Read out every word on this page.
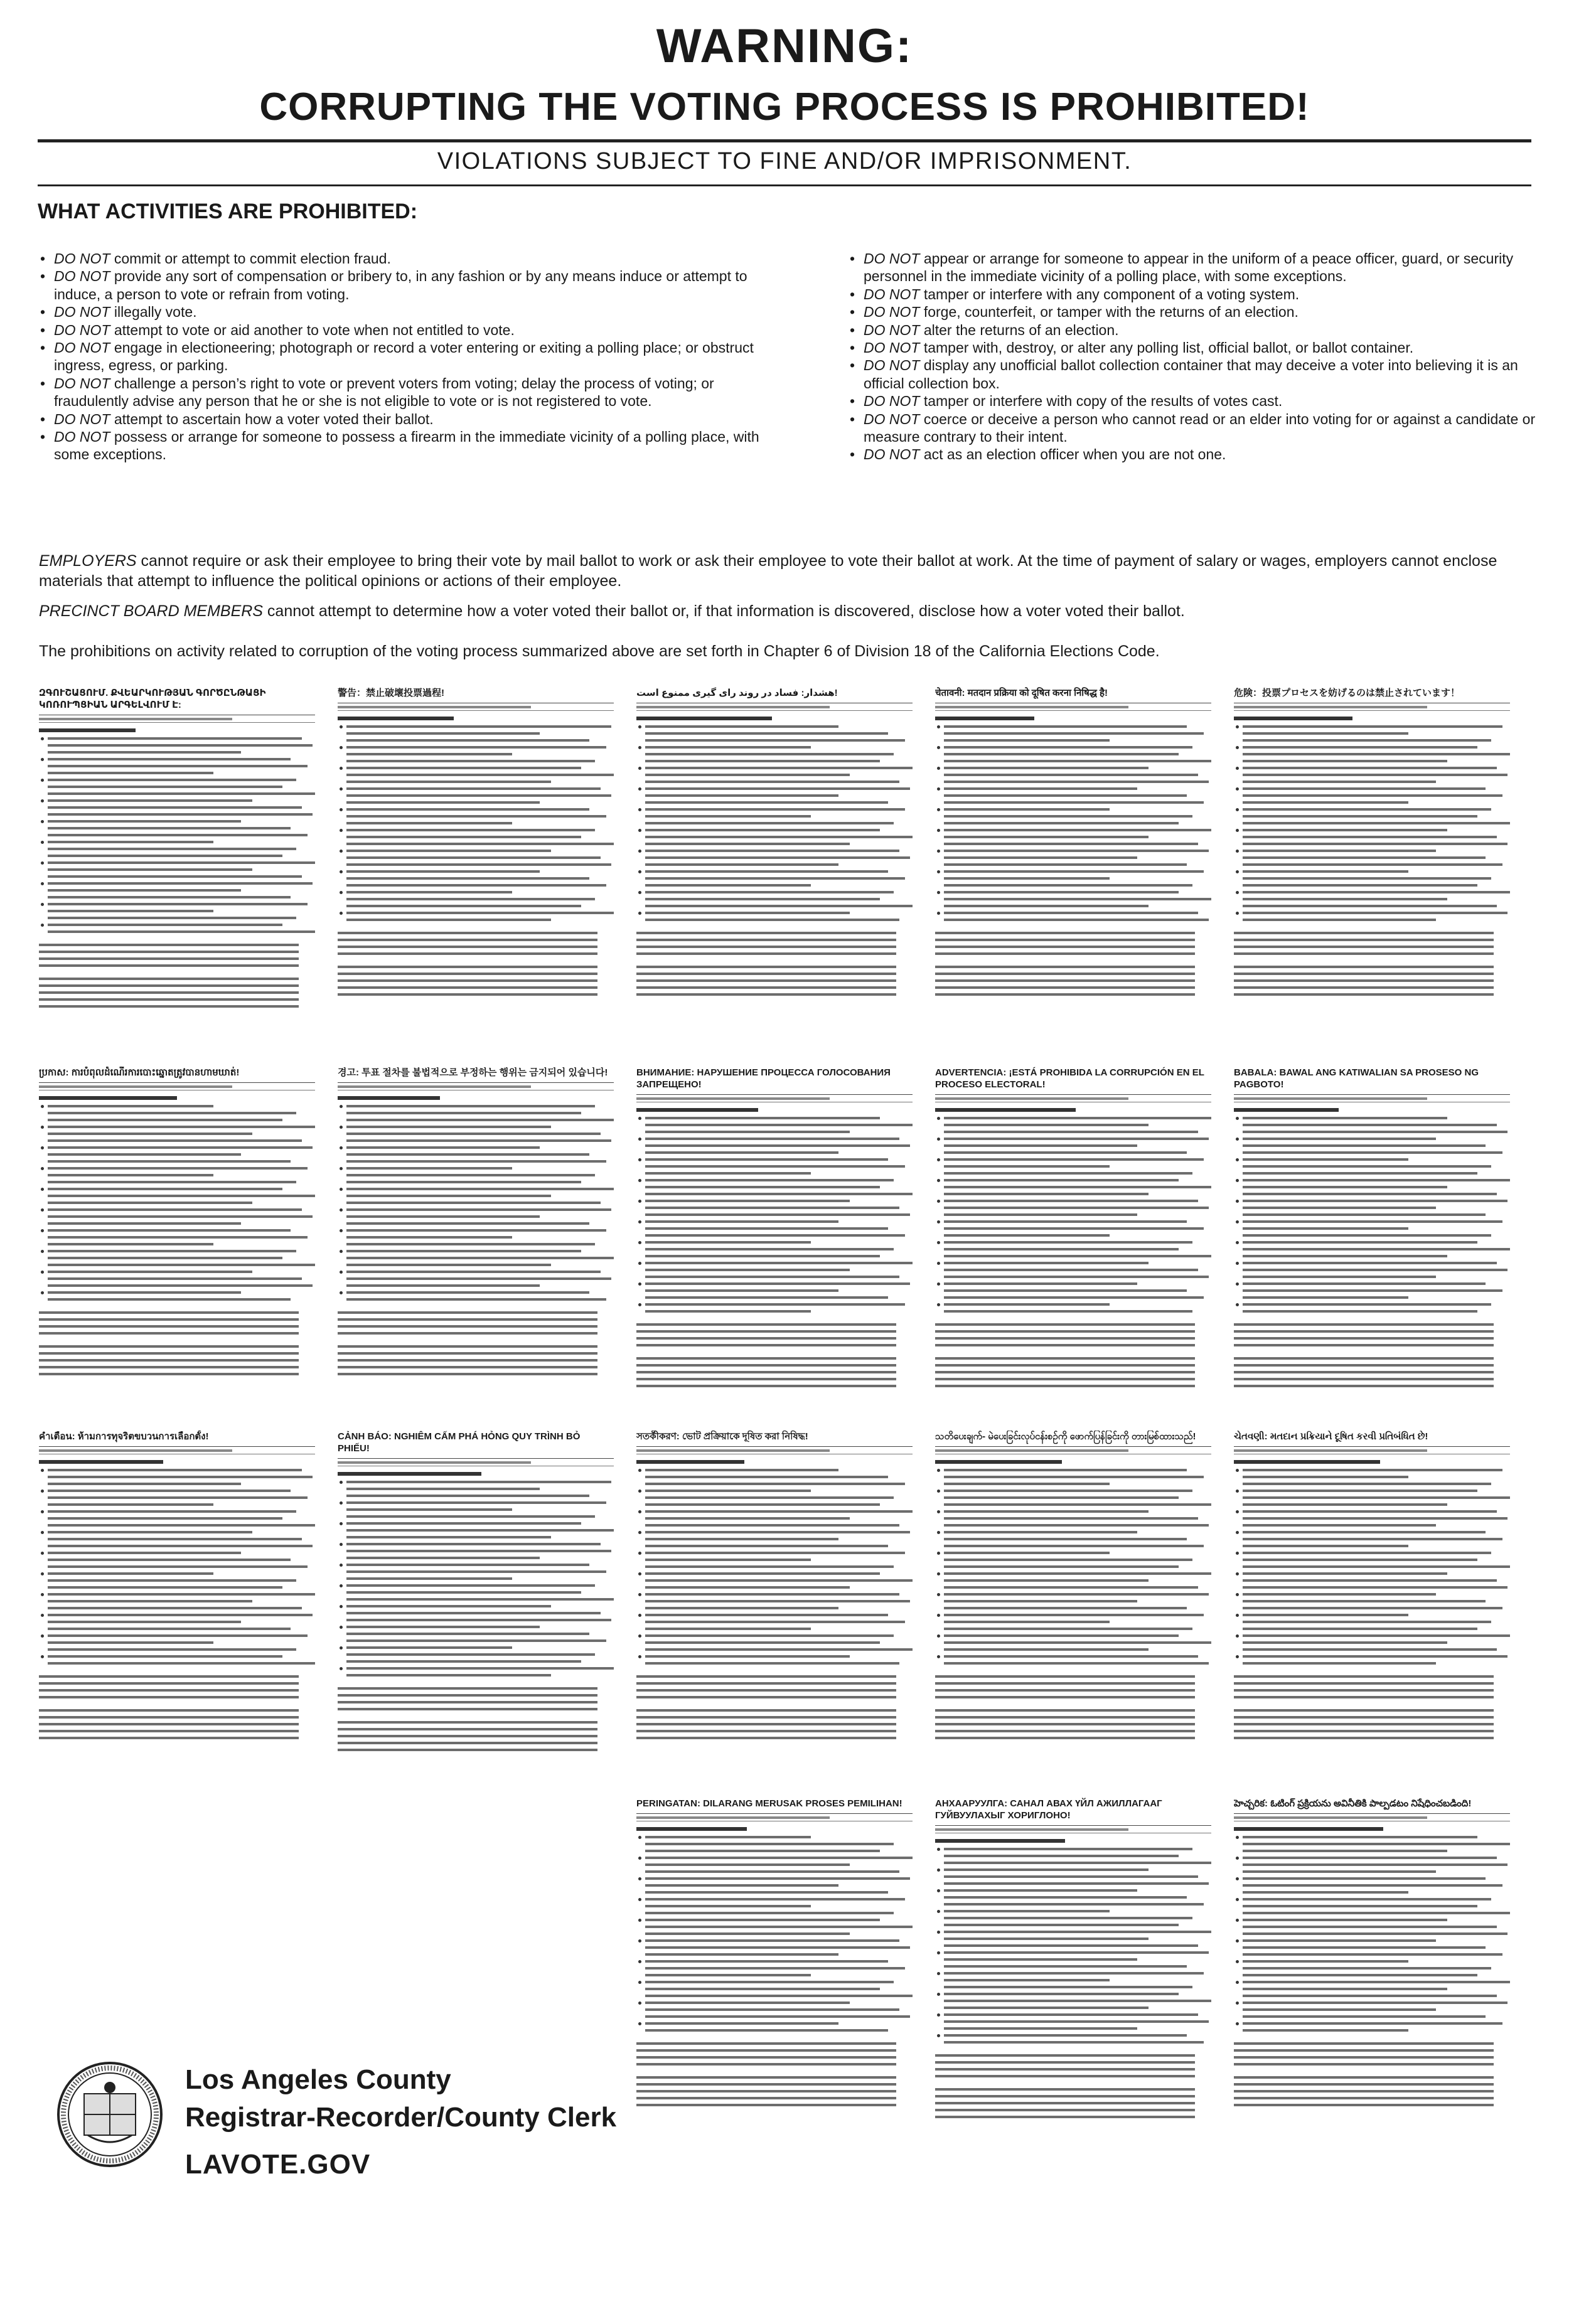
WARNING:
CORRUPTING THE VOTING PROCESS IS PROHIBITED!
VIOLATIONS SUBJECT TO FINE AND/OR IMPRISONMENT.
WHAT ACTIVITIES ARE PROHIBITED:
• DO NOT commit or attempt to commit election fraud.
• DO NOT provide any sort of compensation or bribery to, in any fashion or by any means induce or attempt to induce, a person to vote or refrain from voting.
• DO NOT illegally vote.
• DO NOT attempt to vote or aid another to vote when not entitled to vote.
• DO NOT engage in electioneering; photograph or record a voter entering or exiting a polling place; or obstruct ingress, egress, or parking.
• DO NOT challenge a person’s right to vote or prevent voters from voting; delay the process of voting; or fraudulently advise any person that he or she is not eligible to vote or is not registered to vote.
• DO NOT attempt to ascertain how a voter voted their ballot.
• DO NOT possess or arrange for someone to possess a firearm in the immediate vicinity of a polling place, with some exceptions.
• DO NOT appear or arrange for someone to appear in the uniform of a peace officer, guard, or security personnel in the immediate vicinity of a polling place, with some exceptions.
• DO NOT tamper or interfere with any component of a voting system.
• DO NOT forge, counterfeit, or tamper with the returns of an election.
• DO NOT alter the returns of an election.
• DO NOT tamper with, destroy, or alter any polling list, official ballot, or ballot container.
• DO NOT display any unofficial ballot collection container that may deceive a voter into believing it is an official collection box.
• DO NOT tamper or interfere with copy of the results of votes cast.
• DO NOT coerce or deceive a person who cannot read or an elder into voting for or against a candidate or measure contrary to their intent.
• DO NOT act as an election officer when you are not one.
EMPLOYERS cannot require or ask their employee to bring their vote by mail ballot to work or ask their employee to vote their ballot at work. At the time of payment of salary or wages, employers cannot enclose materials that attempt to influence the political opinions or actions of their employee.
PRECINCT BOARD MEMBERS cannot attempt to determine how a voter voted their ballot or, if that information is discovered, disclose how a voter voted their ballot.
The prohibitions on activity related to corruption of the voting process summarized above are set forth in Chapter 6 of Division 18 of the California Elections Code.
ԶԳՈՒՇԱՑՈՒՄ. ՔՎԵԱՐԿՈՒԹՅԱՆ ԳՈՐԾԸՆԹԱՑԻ ԿՈՌՈՒՊՑԻԱՆ ԱՐԳԵԼՎՈՒՄ Է:
警告：禁止破壞投票過程!	هشدار: فساد در روند رای گیری ممنوع است!	चेतावनी: मतदान प्रक्रिया को दूषित करना निषिद्ध है!	危険：投票プロセスを妨げるのは禁止されています！
ប្រកាស: ការបំពុលដំណើរការបោះឆ្នោតត្រូវបានហាមឃាត់!	경고: 투표 절차를 불법적으로 부정하는 행위는 금지되어 있습니다!	ВНИМАНИЕ: НАРУШЕНИЕ ПРОЦЕССА ГОЛОСОВАНИЯ ЗАПРЕЩЕНО!
ADVERTENCIA: ¡ESTÁ PROHIBIDA LA CORRUPCIÓN EN EL PROCESO ELECTORAL!
BABALA: BAWAL ANG KATIWALIAN SA PROSESO NG PAGBOTO!
คำเตือน: ห้ามการทุจริตขบวนการเลือกตั้ง!	CẢNH BÁO: NGHIÊM CẤM PHÁ HỎNG QUY TRÌNH BỎ PHIẾU!
সতর্কীকরণ: ভোট প্রক্রিয়াকে দূষিত করা নিষিদ্ধ!	သတိပေးချက်- မဲပေးခြင်းလုပ်ငန်းစဉ်ကို ဖောက်ပြန်ခြင်းကို တားမြစ်ထားသည်!	ચેતવણી: મતદાન પ્રક્રિયાને દૂષિત કરવી પ્રતિબંધિત છે!
PERINGATAN: DILARANG MERUSAK PROSES PEMILIHAN!	АНХААРУУЛГА: САНАЛ АВАХ ҮЙЛ АЖИЛЛАГААГ ГУЙВУУЛАХЫГ ХОРИГЛОНО!
హెచ్చరిక: ఓటింగ్ ప్రక్రియను అవినీతికి పాల్పడటం నిషేధించబడింది!
Los Angeles County
Registrar-Recorder/County Clerk
LAVOTE.GOV
